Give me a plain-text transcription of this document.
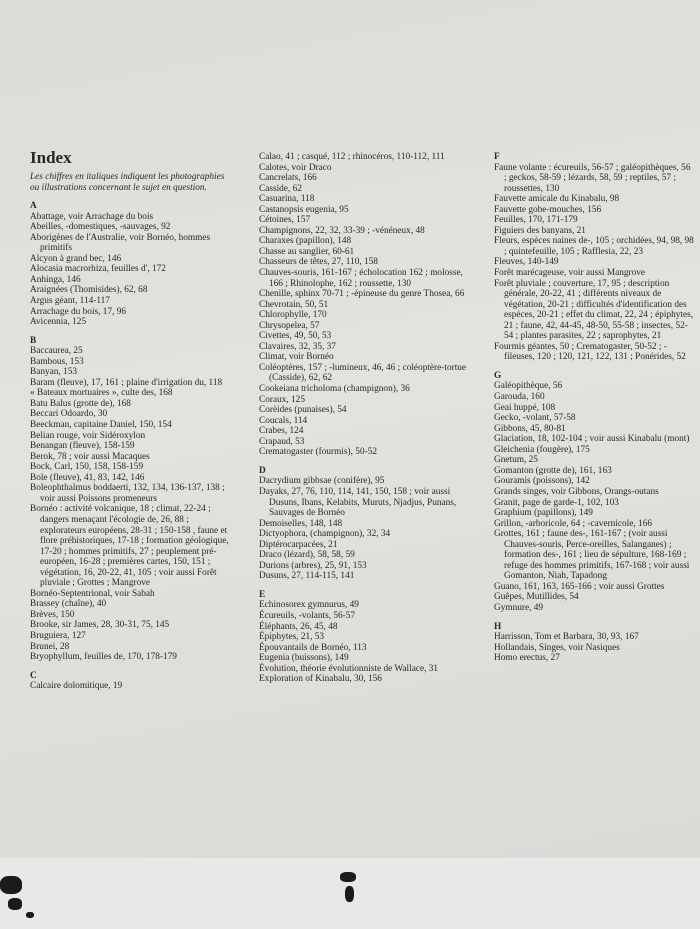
Index
Les chiffres en italiques indiquent les photographies ou illustrations concernant le sujet en question.
A
Abattage, voir Arrachage du bois
Abeilles, -domestiques, -sauvages, 92
Aborigènes de l'Australie, voir Bornéo, hommes primitifs
Alcyon à grand bec, 146
Alocasia macrorhiza, feuilles d', 172
Anhinga, 146
Araignées (Thomisides), 62, 68
Argus géant, 114-117
Arrachage du bois, 17, 96
Avicennia, 125
B
Baccaurea, 25
Bambous, 153
Banyan, 153
Baram (fleuve), 17, 161 ; plaine d'irrigation du, 118
« Bateaux mortuaires », culte des, 168
Batu Balus (grotte de), 168
Beccari Odoardo, 30
Beeckman, capitaine Daniel, 150, 154
Belian rouge, voir Sidéroxylon
Benangan (fleuve), 158-159
Berok, 78 ; voir aussi Macaques
Bock, Carl, 150, 158, 158-159
Bole (fleuve), 41, 83, 142, 146
Boleophthalmus boddaerti, 132, 134, 136-137, 138 ; voir aussi Poissons promeneurs
Bornéo : activité volcanique, 18 ; climat, 22-24 ; dangers menaçant l'écologie de, 26, 88 ; explorateurs européens, 28-31 ; 150-158 , faune et flore préhistoriques, 17-18 ; formation géologique, 17-20 ; hommes primitifs, 27 ; peuplement pré-européen, 16-28 ; premières cartes, 150, 151 ; végétation, 16, 20-22, 41, 105 ; voir aussi Forêt pluviale ; Grottes ; Mangrove
Bornéo-Septentrional, voir Sabah
Brassey (chaîne), 40
Brèves, 150
Brooke, sir James, 28, 30-31, 75, 145
Bruguiera, 127
Brunei, 28
Bryophyllum, feuilles de, 170, 178-179
C
Calcaire dolomitique, 19
Calao, 41 ; casqué, 112 ; rhinocéros, 110-112, 111
Calotes, voir Draco
Cancrelats, 166
Casside, 62
Casuarina, 118
Castanopsis eugenia, 95
Cétoines, 157
Champignons, 22, 32, 33-39 ; -vénéneux, 48
Charaxes (papillon), 148
Chasse au sanglier, 60-61
Chasseurs de têtes, 27, 110, 158
Chauves-souris, 161-167 ; écholocation 162 ; molosse, 166 ; Rhinolophe, 162 ; roussette, 130
Chenille, sphinx 70-71 ; -épineuse du genre Thosea, 66
Chevrotain, 50, 51
Chlorophylle, 170
Chrysopelea, 57
Civettes, 49, 50, 53
Clavaires, 32, 35, 37
Climat, voir Bornéo
Coléoptères, 157 ; -lumineux, 46, 46 ; coléoptère-tortue (Casside), 62, 62
Cookeiana tricholoma (champignon), 36
Coraux, 125
Corèides (punaises), 54
Coucals, 114
Crabes, 124
Crapaud, 53
Crematogaster (fourmis), 50-52
D
Dacrydium gibbsae (conifère), 95
Dayaks, 27, 76, 110, 114, 141, 150, 158 ; voir aussi Dusuns, Ibans, Kelabits, Muruts, Njadjus, Punans, Sauvages de Bornéo
Demoiselles, 148, 148
Dictyophora, (champignon), 32, 34
Diptérocarpacées, 21
Draco (lézard), 58, 58, 59
Durions (arbres), 25, 91, 153
Dusuns, 27, 114-115, 141
E
Echinosorex gymnurus, 49
Écureuils, -volants, 56-57
Éléphants, 26, 45, 48
Épiphytes, 21, 53
Épouvantails de Bornéo, 113
Eugenia (buissons), 149
Évolution, théorie évolutionniste de Wallace, 31
Exploration of Kinabalu, 30, 156
F
Faune volante : écureuils, 56-57 ; galéopithèques, 56 ; geckos, 58-59 ; lézards, 58, 59 ; reptiles, 57 ; roussettes, 130
Fauvette amicale du Kinabalu, 98
Fauvette gobe-mouches, 156
Feuilles, 170, 171-179
Figuiers des banyans, 21
Fleurs, espèces naines de-, 105 ; orchidées, 94, 98, 98 ; quintefeuille, 105 ; Rafflesia, 22, 23
Fleuves, 140-149
Forêt marécageuse, voir aussi Mangrove
Forêt pluviale ; couverture, 17, 95 ; description générale, 20-22, 41 ; différents niveaux de végétation, 20-21 ; difficultés d'identification des espèces, 20-21 ; effet du climat, 22, 24 ; épiphytes, 21 ; faune, 42, 44-45, 48-50, 55-58 ; insectes, 52-54 ; plantes parasites, 22 ; saprophytes, 21
Fourmis géantes, 50 ; Crematogaster, 50-52 ; -fileuses, 120 ; 120, 121, 122, 131 ; Ponérides, 52
G
Galéopithèque, 56
Garouda, 160
Geai huppé, 108
Gecko, -volant, 57-58
Gibbons, 45, 80-81
Glaciation, 18, 102-104 ; voir aussi Kinabalu (mont)
Gleichenia (fougère), 175
Gnetum, 25
Gomanton (grotte de), 161, 163
Gouramis (poissons), 142
Grands singes, voir Gibbons, Orangs-outans
Granit, page de garde-1, 102, 103
Graphium (papillons), 149
Grillon, -arboricole, 64 ; -cavernicole, 166
Grottes, 161 ; faune des-, 161-167 ; (voir aussi Chauves-souris, Perce-oreilles, Salanganes) ; formation des-, 161 ; lieu de sépulture, 168-169 ; refuge des hommes primitifs, 167-168 ; voir aussi Gomanton, Niah, Tapadong
Guano, 161, 163, 165-166 ; voir aussi Grottes
Guêpes, Mutillides, 54
Gymnure, 49
H
Harrisson, Tom et Barbara, 30, 93, 167
Hollandais, Singes, voir Nasiques
Homo erectus, 27
